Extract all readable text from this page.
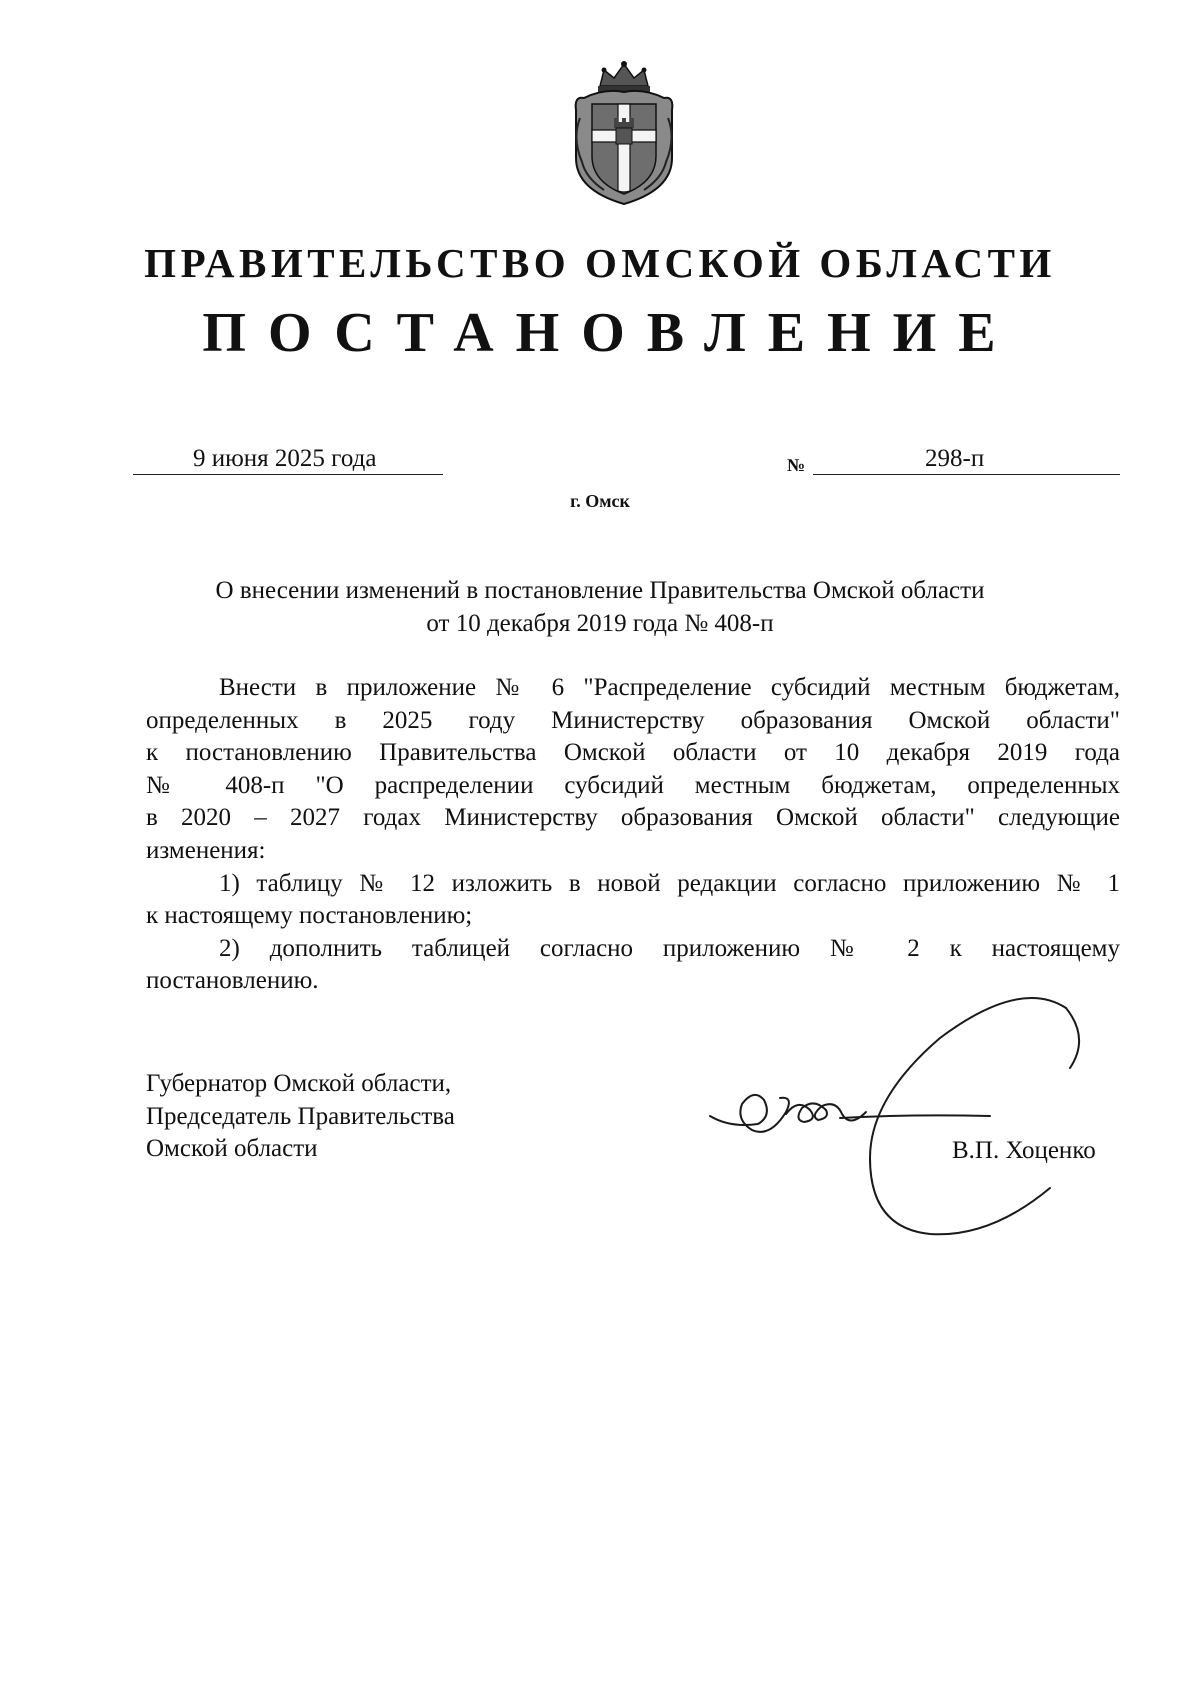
ПРАВИТЕЛЬСТВО ОМСКОЙ ОБЛАСТИ
ПОСТАНОВЛЕНИЕ
9 июня 2025 года	№	298-п
г. Омск
О внесении изменений в постановление Правительства Омской области
от 10 декабря 2019 года № 408-п
Внести в приложение № 6 "Распределение субсидий местным бюджетам,
определенных в 2025 году Министерству образования Омской области"
к постановлению Правительства Омской области от 10 декабря 2019 года
№ 408-п "О распределении субсидий местным бюджетам, определенных
в 2020 – 2027 годах Министерству образования Омской области" следующие
изменения:
1) таблицу № 12 изложить в новой редакции согласно приложению № 1
к настоящему постановлению;
2) дополнить таблицей согласно приложению № 2 к настоящему
постановлению.
Губернатор Омской области,
Председатель Правительства
Омской области	В.П. Хоценко
